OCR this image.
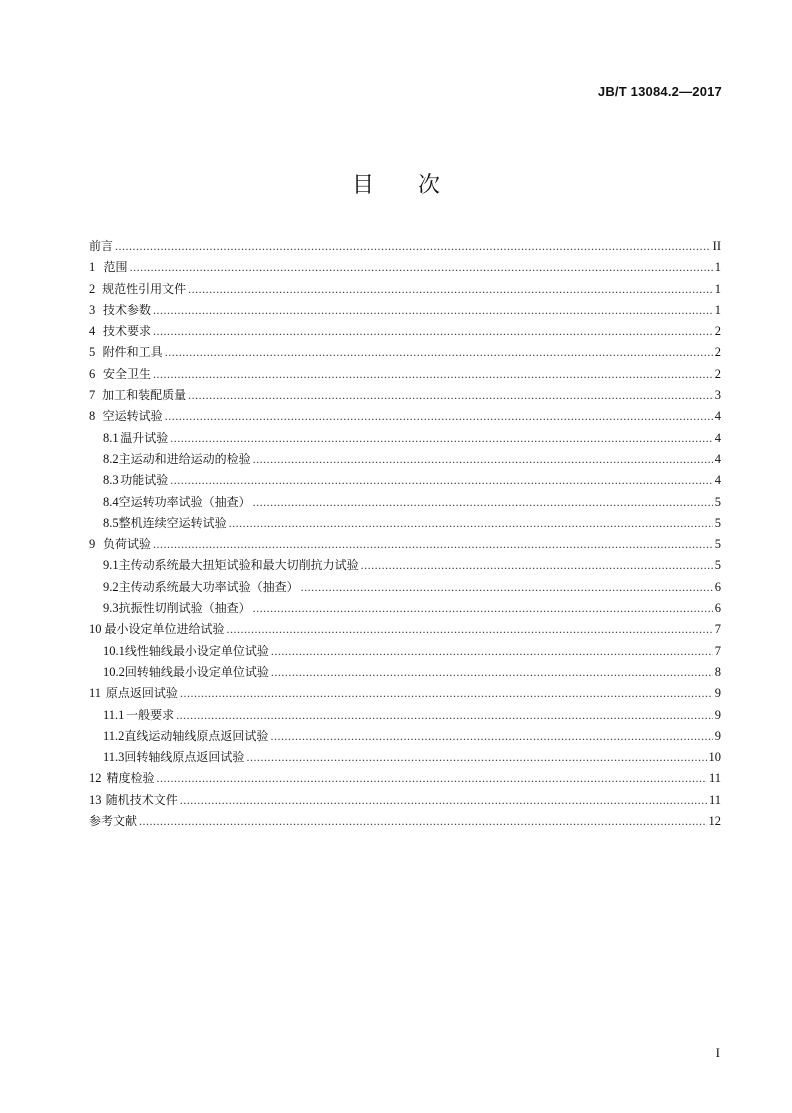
JB/T 13084.2—2017
目次
前言 .....	II
1 范围 .....	1
2 规范性引用文件 .....	1
3 技术参数 .....	1
4 技术要求 .....	2
5 附件和工具 .....	2
6 安全卫生 .....	2
7 加工和装配质量 .....	3
8 空运转试验 .....	4
8.1 温升试验 .....	4
8.2 主运动和进给运动的检验 .....	4
8.3 功能试验 .....	4
8.4 空运转功率试验（抽查） .....	5
8.5 整机连续空运转试验 .....	5
9 负荷试验 .....	5
9.1 主传动系统最大扭矩试验和最大切削抗力试验 .....	5
9.2 主传动系统最大功率试验（抽查） .....	6
9.3 抗振性切削试验（抽查） .....	6
10 最小设定单位进给试验 .....	7
10.1 线性轴线最小设定单位试验 .....	7
10.2 回转轴线最小设定单位试验 .....	8
11 原点返回试验 .....	9
11.1 一般要求 .....	9
11.2 直线运动轴线原点返回试验 .....	9
11.3 回转轴线原点返回试验 .....	10
12 精度检验 .....	11
13 随机技术文件 .....	11
参考文献 .....	12
I
